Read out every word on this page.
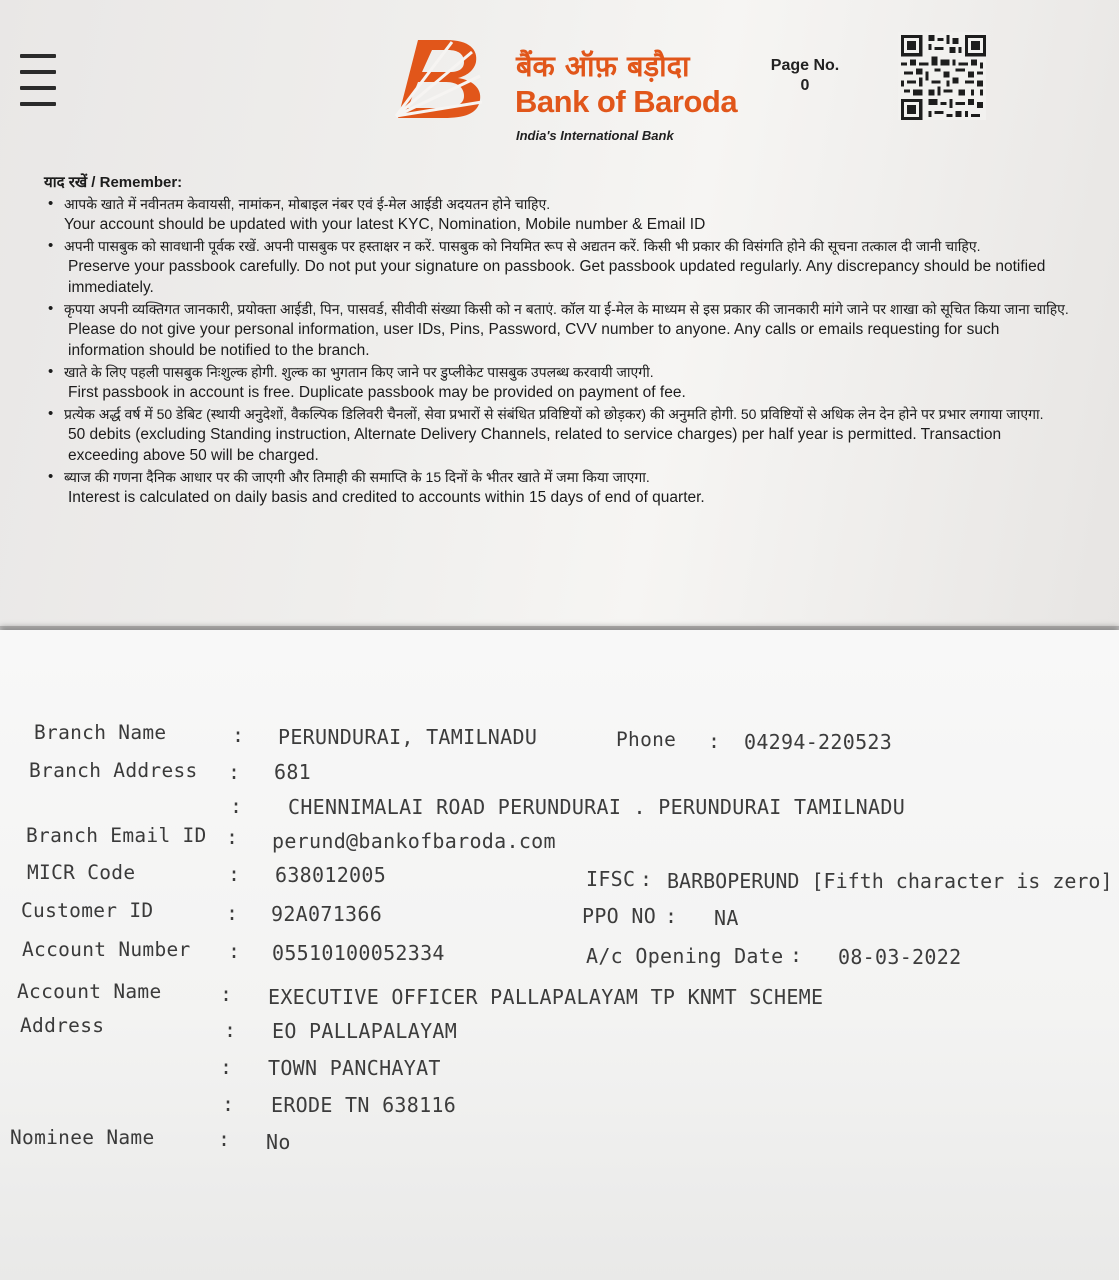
बैंक ऑफ़ बड़ौदा
Bank of Baroda
India's International Bank
Page No.
0
याद रखें / Remember:
• आपके खाते में नवीनतम केवायसी, नामांकन, मोबाइल नंबर एवं ई-मेल आईडी अदयतन होने चाहिए.
Your account should be updated with your latest KYC, Nomination, Mobile number & Email ID
• अपनी पासबुक को सावधानी पूर्वक रखें. अपनी पासबुक पर हस्ताक्षर न करें. पासबुक को नियमित रूप से अद्यतन करें. किसी भी प्रकार की विसंगति होने की सूचना तत्काल दी जानी चाहिए.
Preserve your passbook carefully. Do not put your signature on passbook. Get passbook updated regularly. Any discrepancy should be notified immediately.
• कृपया अपनी व्यक्तिगत जानकारी, प्रयोक्ता आईडी, पिन, पासवर्ड, सीवीवी संख्या किसी को न बताएं. कॉल या ई-मेल के माध्यम से इस प्रकार की जानकारी मांगे जाने पर शाखा को सूचित किया जाना चाहिए.
Please do not give your personal information, user IDs, Pins, Password, CVV number to anyone. Any calls or emails requesting for such information should be notified to the branch.
• खाते के लिए पहली पासबुक निःशुल्क होगी. शुल्क का भुगतान किए जाने पर डुप्लीकेट पासबुक उपलब्ध करवायी जाएगी.
First passbook in account is free. Duplicate passbook may be provided on payment of fee.
• प्रत्येक अर्द्ध वर्ष में 50 डेबिट (स्थायी अनुदेशों, वैकल्पिक डिलिवरी चैनलों, सेवा प्रभारों से संबंधित प्रविष्टियों को छोड़कर) की अनुमति होगी. 50 प्रविष्टियों से अधिक लेन देन होने पर प्रभार लगाया जाएगा.
50 debits (excluding Standing instruction, Alternate Delivery Channels, related to service charges) per half year is permitted. Transaction exceeding above 50 will be charged.
• ब्याज की गणना दैनिक आधार पर की जाएगी और तिमाही की समाप्ति के 15 दिनों के भीतर खाते में जमा किया जाएगा.
Interest is calculated on daily basis and credited to accounts within 15 days of end of quarter.
Branch Name	: PERUNDURAI, TAMILNADU	Phone : 04294-220523
Branch Address : 681
: CHENNIMALAI ROAD PERUNDURAI . PERUNDURAI TAMILNADU
Branch Email ID : perund@bankofbaroda.com
MICR Code	: 638012005	IFSC : BARBOPERUND [Fifth character is zero]
Customer ID	: 92A071366	PPO NO : NA
Account Number : 05510100052334	A/c Opening Date : 08-03-2022
Account Name	: EXECUTIVE OFFICER PALLAPALAYAM TP KNMT SCHEME
Address	: EO PALLAPALAYAM
: TOWN PANCHAYAT
: ERODE TN 638116
Nominee Name	: No
